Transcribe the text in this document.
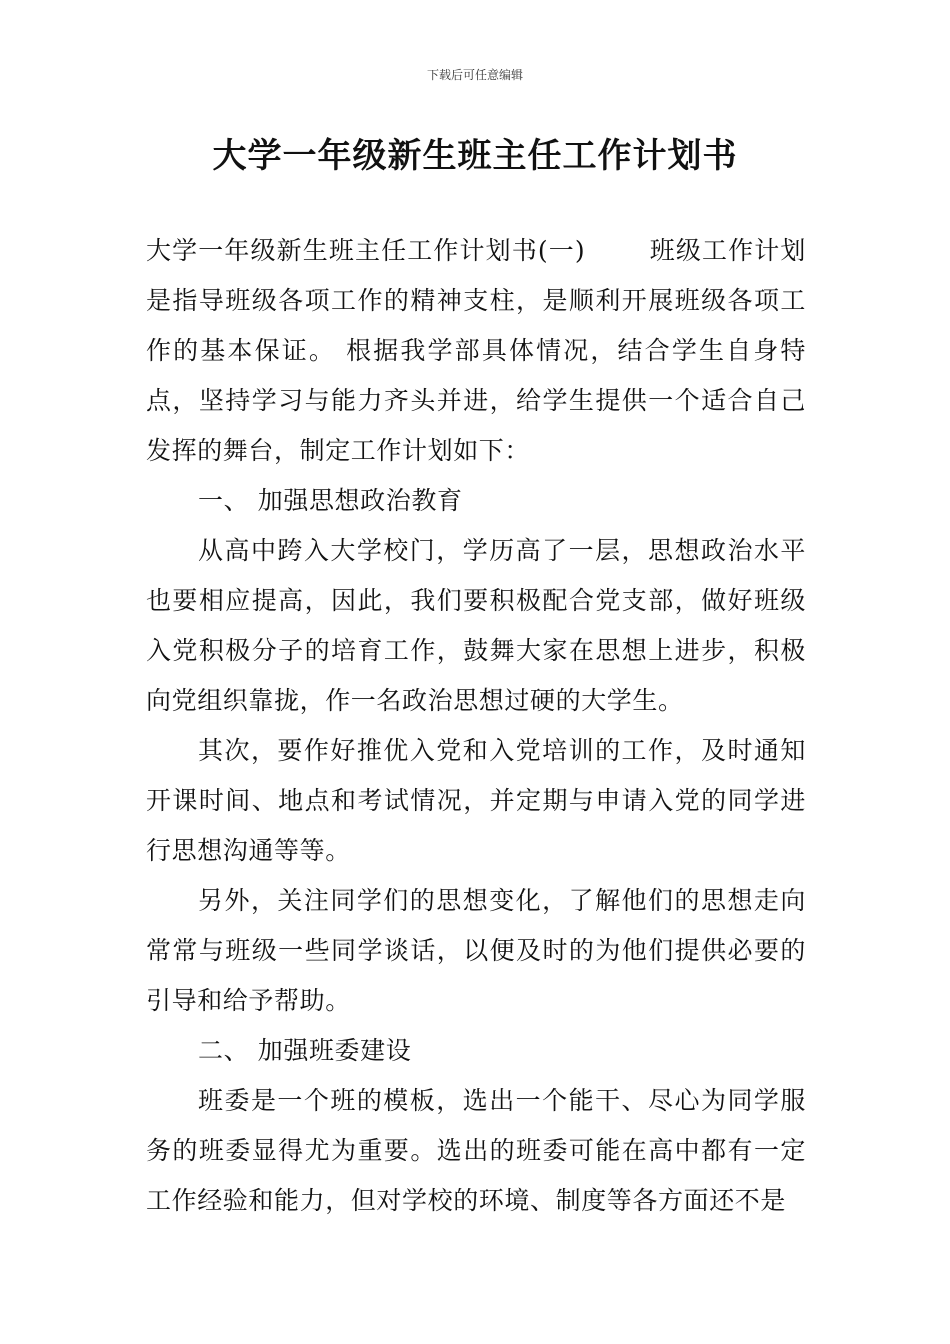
下载后可任意编辑
大学一年级新生班主任工作计划书

大学一年级新生班主任工作计划书(一)	班级工作计划是指导班级各项工作的精神支柱，是顺利开展班级各项工作的基本保证。 根据我学部具体情况，结合学生自身特点，坚持学习与能力齐头并进，给学生提供一个适合自己发挥的舞台，制定工作计划如下：

一、 加强思想政治教育

从高中跨入大学校门，学历高了一层，思想政治水平也要相应提高，因此，我们要积极配合党支部，做好班级入党积极分子的培育工作，鼓舞大家在思想上进步，积极向党组织靠拢，作一名政治思想过硬的大学生。

其次，要作好推优入党和入党培训的工作，及时通知开课时间、地点和考试情况，并定期与申请入党的同学进行思想沟通等等。

另外，关注同学们的思想变化，了解他们的思想走向常常与班级一些同学谈话，以便及时的为他们提供必要的引导和给予帮助。

二、 加强班委建设

班委是一个班的模板，选出一个能干、尽心为同学服务的班委显得尤为重要。选出的班委可能在高中都有一定工作经验和能力，但对学校的环境、制度等各方面还不是
